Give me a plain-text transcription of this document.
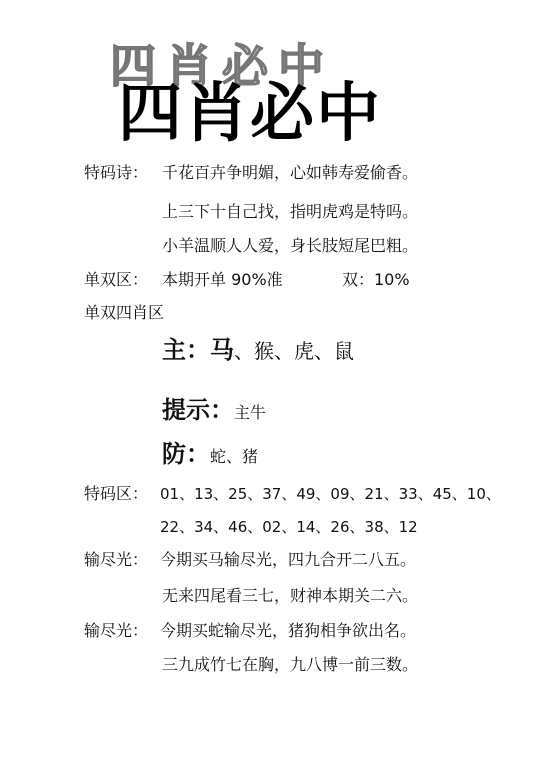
四肖必中
四肖必中
特码诗： 千花百卉争明媚，心如韩寿爱偷香。
上三下十自己找，指明虎鸡是特吗。
小羊温顺人人爱，身长肢短尾巴粗。
单双区： 本期开单 90%准	双：10%
单双四肖区
主：马、猴、虎、鼠
提示：主牛
防：蛇、猪
特码区： 01、13、25、37、49、09、21、33、45、10、
22、34、46、02、14、26、38、12
输尽光： 今期买马输尽光，四九合开二八五。
无来四尾看三七，财神本期关二六。
输尽光： 今期买蛇输尽光，猪狗相争欲出名。
三九成竹七在胸，九八博一前三数。
